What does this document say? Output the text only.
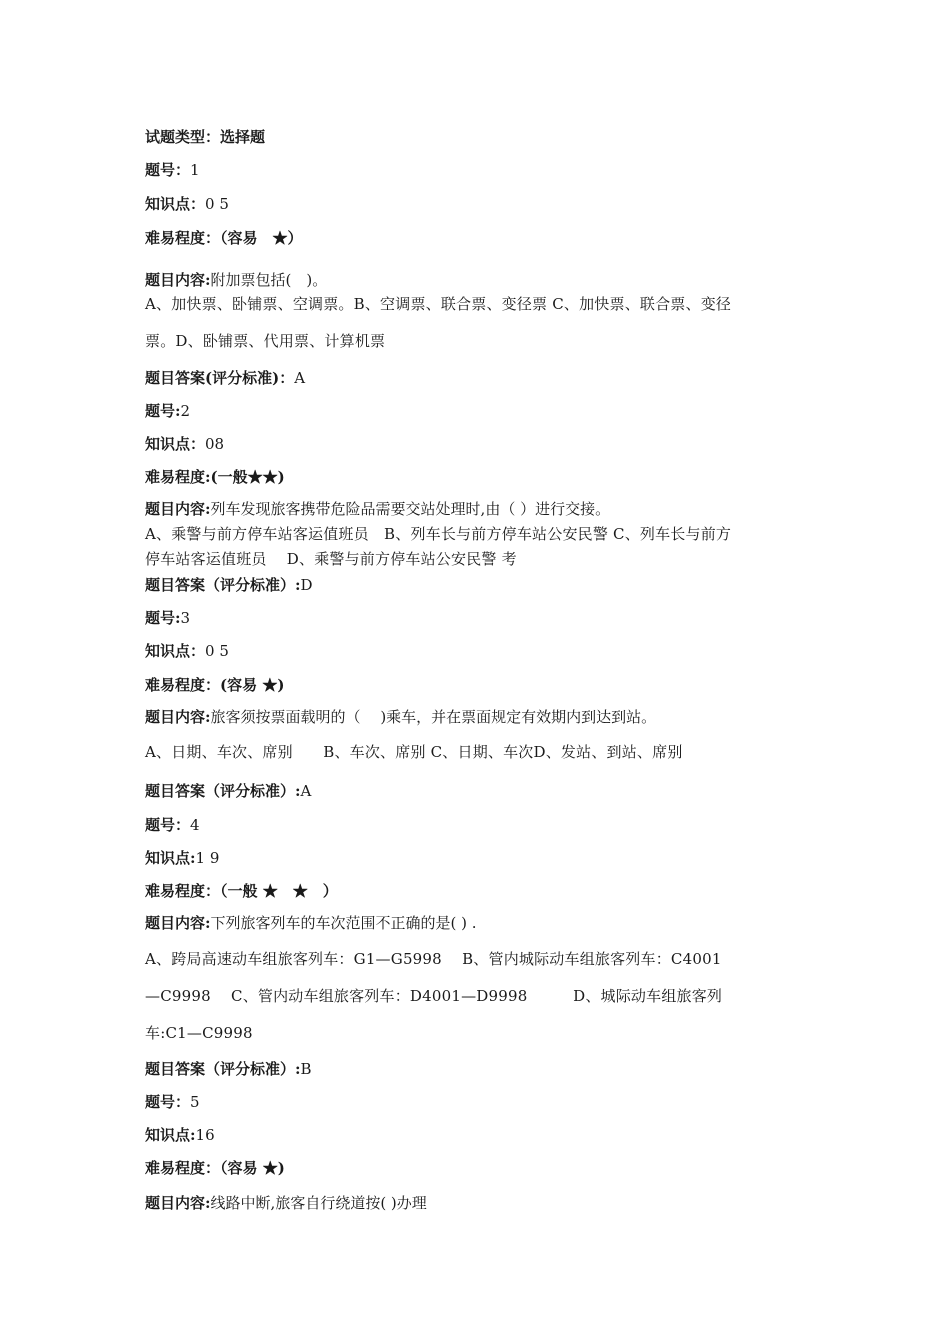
试题类型：选择题
题号：1
知识点：0 5
难易程度：（容易　★）
题目内容:附加票包括(　)。
A、加快票、卧铺票、空调票。B、空调票、联合票、变径票 C、加快票、联合票、变径
票。D、卧铺票、代用票、计算机票
题目答案(评分标准)：A
题号:2
知识点：08
难易程度:(一般★★)
题目内容:列车发现旅客携带危险品需要交站处理时,由（ ）进行交接。
A、乘警与前方停车站客运值班员　B、列车长与前方停车站公安民警 C、列车长与前方
停车站客运值班员　 D、乘警与前方停车站公安民警 考
题目答案（评分标准）:D
题号:3
知识点：0 5
难易程度：(容易 ★)
题目内容:旅客须按票面载明的（　 )乘车，并在票面规定有效期内到达到站。
A、日期、车次、席别　　B、车次、席别 C、日期、车次D、发站、到站、席别
题目答案（评分标准）:A
题号：4
知识点:1 9
难易程度：（一般 ★　★　）
题目内容:下列旅客列车的车次范围不正确的是( ) .
A、跨局高速动车组旅客列车：G1—G5998　 B、管内城际动车组旅客列车：C4001
—C9998　 C、管内动车组旅客列车：D4001—D9998　　　D、城际动车组旅客列
车:C1—C9998
题目答案（评分标准）:B
题号：5
知识点:16
难易程度：（容易 ★)
题目内容:线路中断,旅客自行绕道按( )办理
